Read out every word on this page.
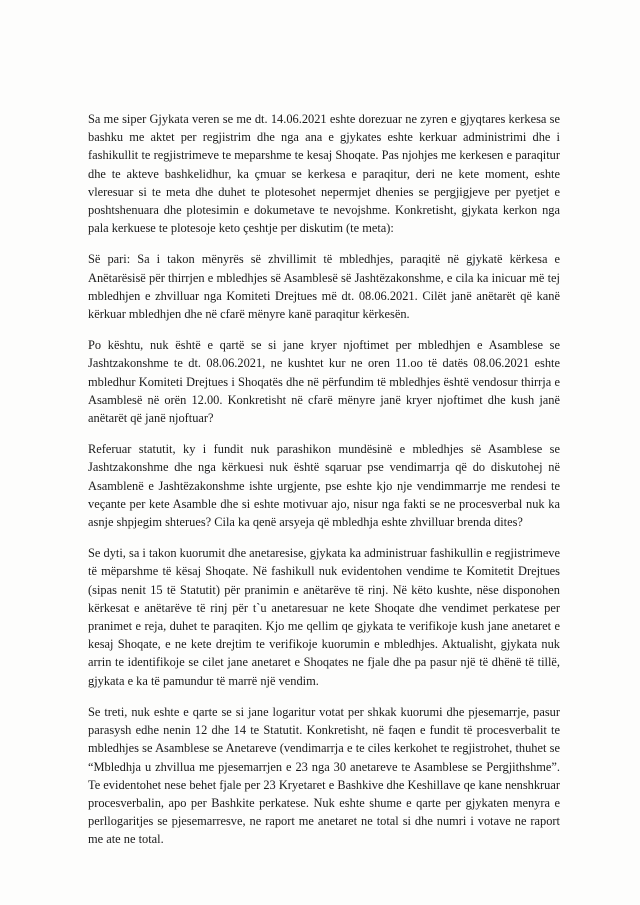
Sa me siper Gjykata veren se me dt. 14.06.2021 eshte dorezuar ne zyren e gjyqtares kerkesa se bashku me aktet per regjistrim dhe nga ana e gjykates eshte kerkuar administrimi dhe i fashikullit te regjistrimeve te meparshme te kesaj Shoqate. Pas njohjes me kerkesen e paraqitur dhe te akteve bashkelidhur, ka çmuar se kerkesa e paraqitur, deri ne kete moment, eshte vleresuar si te meta dhe duhet te plotesohet nepermjet dhenies se pergjigjeve per pyetjet e poshtshenuara dhe plotesimin e dokumetave te nevojshme. Konkretisht, gjykata kerkon nga pala kerkuese te plotesoje keto çeshtje per diskutim (te meta):

Së pari: Sa i takon mënyrës së zhvillimit të mbledhjes, paraqitë në gjykatë kërkesa e Anëtarësisë për thirrjen e mbledhjes së Asamblesë së Jashtëzakonshme, e cila ka inicuar më tej mbledhjen e zhvilluar nga Komiteti Drejtues më dt. 08.06.2021. Cilët janë anëtarët që kanë kërkuar mbledhjen dhe në cfarë mënyre kanë paraqitur kërkesën.

Po kështu, nuk është e qartë se si jane kryer njoftimet per mbledhjen e Asamblese se Jashtzakonshme te dt. 08.06.2021, ne kushtet kur ne oren 11.oo të datës 08.06.2021 eshte mbledhur Komiteti Drejtues i Shoqatës dhe në përfundim të mbledhjes është vendosur thirrja e Asamblesë në orën 12.00. Konkretisht në cfarë mënyre janë kryer njoftimet dhe kush janë anëtarët që janë njoftuar?

Referuar statutit, ky i fundit nuk parashikon mundësinë e mbledhjes së Asamblese se Jashtzakonshme dhe nga kërkuesi nuk është sqaruar pse vendimarrja që do diskutohej në Asamblenë e Jashtëzakonshme ishte urgjente, pse eshte kjo nje vendimmarrje me rendesi te veçante per kete Asamble dhe si eshte motivuar ajo, nisur nga fakti se ne procesverbal nuk ka asnje shpjegim shterues? Cila ka qenë arsyeja që mbledhja eshte zhvilluar brenda dites?

Se dyti, sa i takon kuorumit dhe anetaresise, gjykata ka administruar fashikullin e regjistrimeve të mëparshme të kësaj Shoqate. Në fashikull nuk evidentohen vendime te Komitetit Drejtues (sipas nenit 15 të Statutit) për pranimin e anëtarëve të rinj. Në këto kushte, nëse disponohen kërkesat e anëtarëve të rinj për t`u anetaresuar ne kete Shoqate dhe vendimet perkatese per pranimet e reja, duhet te paraqiten. Kjo me qellim qe gjykata te verifikoje kush jane anetaret e kesaj Shoqate, e ne kete drejtim te verifikoje kuorumin e mbledhjes. Aktualisht, gjykata nuk arrin te identifikoje se cilet jane anetaret e Shoqates ne fjale dhe pa pasur një të dhënë të tillë, gjykata e ka të pamundur të marrë një vendim.

Se treti, nuk eshte e qarte se si jane logaritur votat per shkak kuorumi dhe pjesemarrje, pasur parasysh edhe nenin 12 dhe 14 te Statutit. Konkretisht, në faqen e fundit të procesverbalit te mbledhjes se Asamblese se Anetareve (vendimarrja e te ciles kerkohet te regjistrohet, thuhet se “Mbledhja u zhvillua me pjesemarrjen e 23 nga 30 anetareve te Asamblese se Pergjithshme”. Te evidentohet nese behet fjale per 23 Kryetaret e Bashkive dhe Keshillave qe kane nenshkruar procesverbalin, apo per Bashkite perkatese. Nuk eshte shume e qarte per gjykaten menyra e perllogaritjes se pjesemarresve, ne raport me anetaret ne total si dhe numri i votave ne raport me ate ne total.
